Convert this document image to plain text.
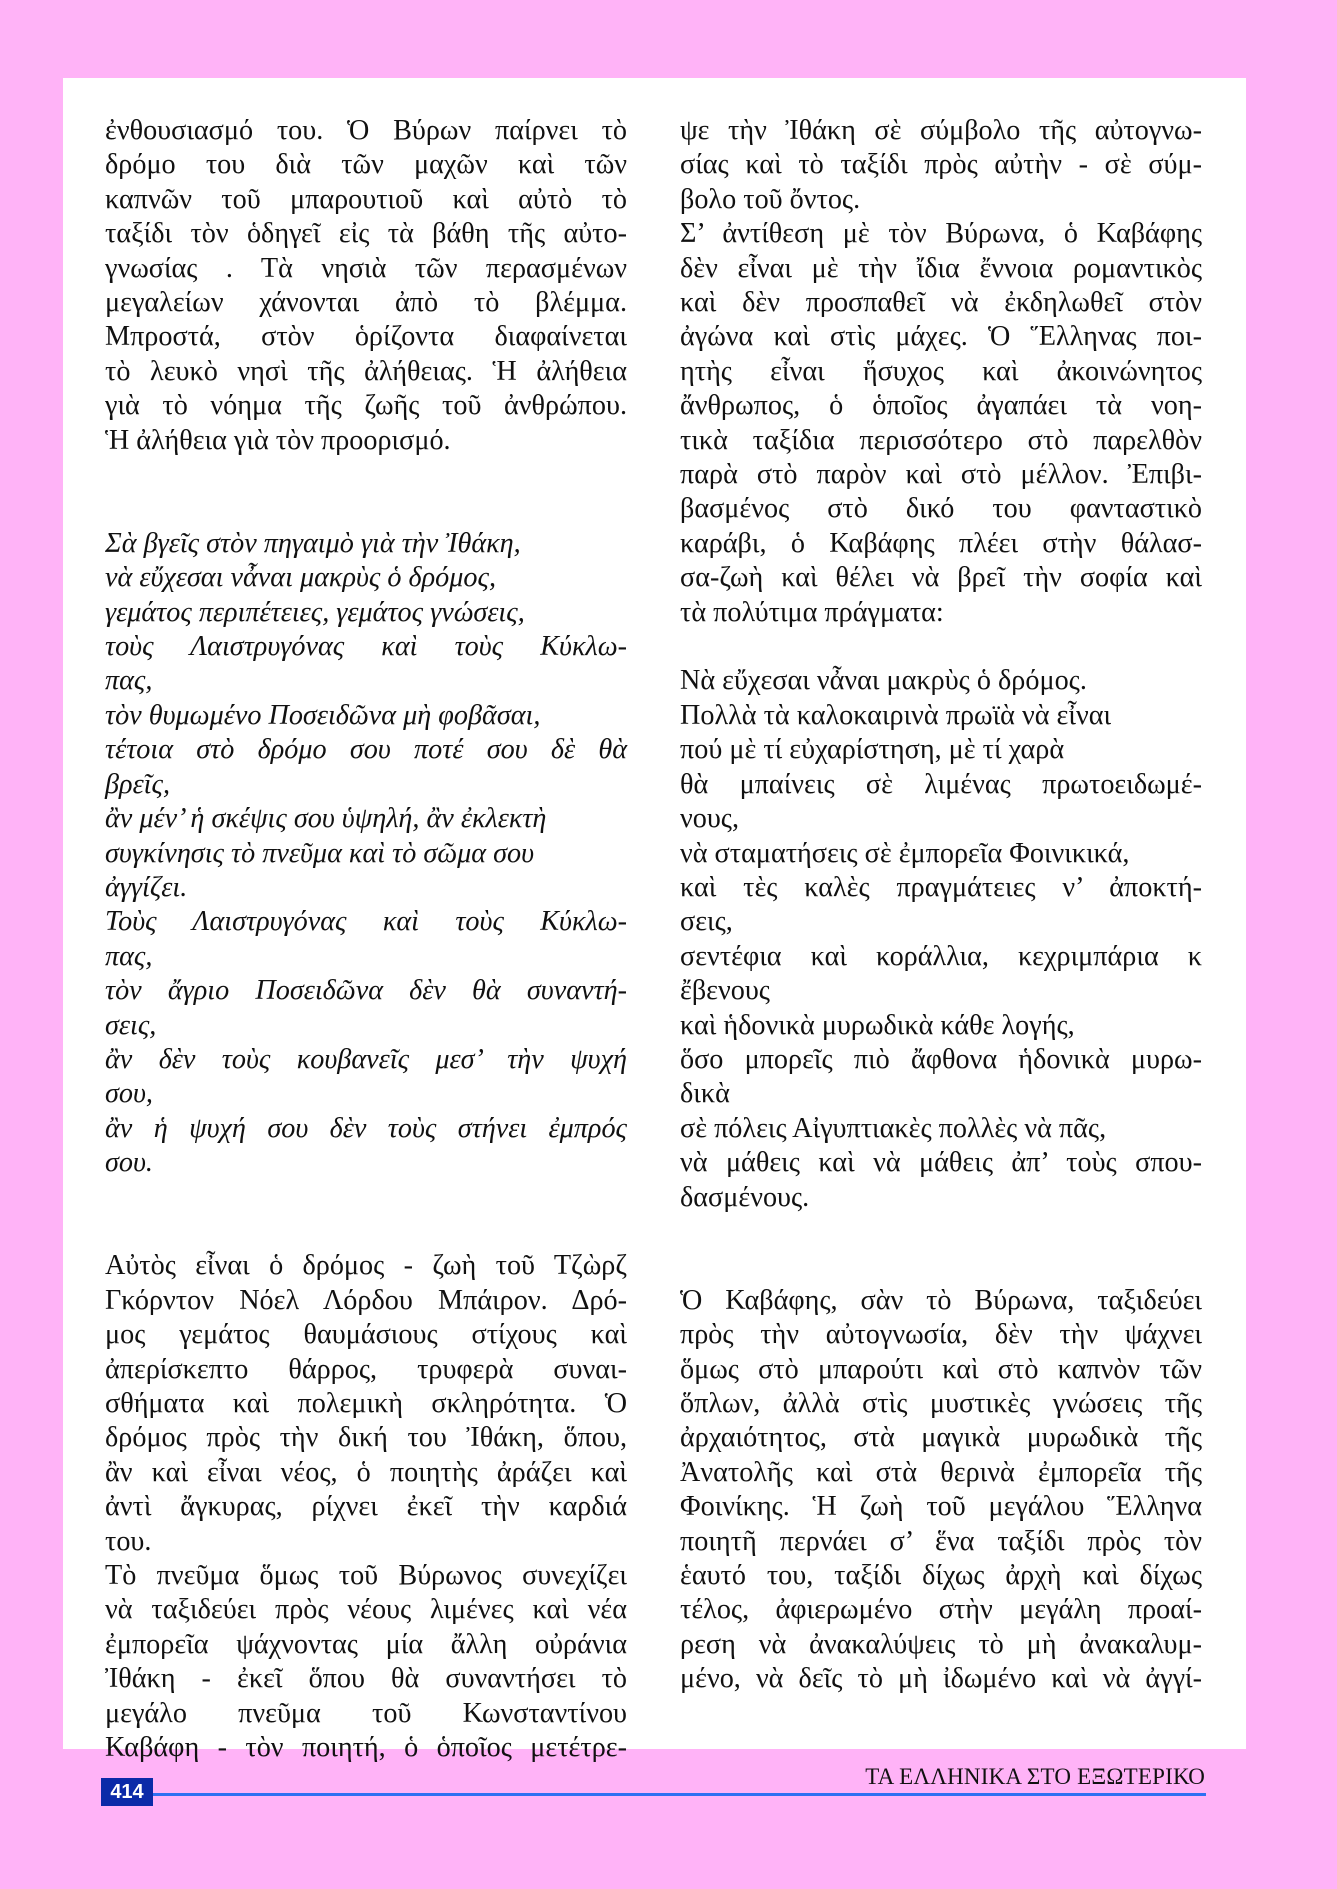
ἐνθουσιασμό του. Ὁ Βύρων παίρνει τὸ
δρόμο του διὰ τῶν μαχῶν καὶ τῶν
καπνῶν τοῦ μπαρουτιοῦ καὶ αὐτὸ τὸ
ταξίδι τὸν ὁδηγεῖ εἰς τὰ βάθη τῆς αὐτο-
γνωσίας . Τὰ νησιὰ τῶν περασμένων
μεγαλείων χάνονται ἀπὸ τὸ βλέμμα.
Μπροστά, στὸν ὁρίζοντα διαφαίνεται
τὸ λευκὸ νησὶ τῆς ἀλήθειας. Ἡ ἀλήθεια
γιὰ τὸ νόημα τῆς ζωῆς τοῦ ἀνθρώπου.
Ἡ ἀλήθεια γιὰ τὸν προορισμό.
Σὰ βγεῖς στὸν πηγαιμὸ γιὰ τὴν Ἰθάκη,
νὰ εὔχεσαι νἆναι μακρὺς ὁ δρόμος,
γεμάτος περιπέτειες, γεμάτος γνώσεις,
τοὺς Λαιστρυγόνας καὶ τοὺς Κύκλω-
πας,
τὸν θυμωμένο Ποσειδῶνα μὴ φοβᾶσαι,
τέτοια στὸ δρόμο σου ποτέ σου δὲ θὰ
βρεῖς,
ἂν μέν’ ἡ σκέψις σου ὑψηλή, ἂν ἐκλεκτὴ
συγκίνησις τὸ πνεῦμα καὶ τὸ σῶμα σου
ἀγγίζει.
Τοὺς Λαιστρυγόνας καὶ τοὺς Κύκλω-
πας,
τὸν ἄγριο Ποσειδῶνα δὲν θὰ συναντή-
σεις,
ἂν δὲν τοὺς κουβανεῖς μεσ’ τὴν ψυχή
σου,
ἂν ἡ ψυχή σου δὲν τοὺς στήνει ἐμπρός
σου.
Αὐτὸς εἶναι ὁ δρόμος - ζωὴ τοῦ Τζὼρζ
Γκόρντον Νόελ Λόρδου Μπάιρον. Δρό-
μος γεμάτος θαυμάσιους στίχους καὶ
ἀπερίσκεπτο θάρρος, τρυφερὰ συναι-
σθήματα καὶ πολεμικὴ σκληρότητα. Ὁ
δρόμος πρὸς τὴν δική του Ἰθάκη, ὅπου,
ἂν καὶ εἶναι νέος, ὁ ποιητὴς ἀράζει καὶ
ἀντὶ ἄγκυρας, ρίχνει ἐκεῖ τὴν καρδιά
του.
Τὸ πνεῦμα ὅμως τοῦ Βύρωνος συνεχίζει
νὰ ταξιδεύει πρὸς νέους λιμένες καὶ νέα
ἐμπορεῖα ψάχνοντας μία ἄλλη οὐράνια
Ἰθάκη - ἐκεῖ ὅπου θὰ συναντήσει τὸ
μεγάλο πνεῦμα τοῦ Κωνσταντίνου
Καβάφη - τὸν ποιητή, ὁ ὁποῖος μετέτρε-
ψε τὴν Ἰθάκη σὲ σύμβολο τῆς αὐτογνω-
σίας καὶ τὸ ταξίδι πρὸς αὐτὴν - σὲ σύμ-
βολο τοῦ ὄντος.
Σ’ ἀντίθεση μὲ τὸν Βύρωνα, ὁ Καβάφης
δὲν εἶναι μὲ τὴν ἴδια ἔννοια ρομαντικὸς
καὶ δὲν προσπαθεῖ νὰ ἐκδηλωθεῖ στὸν
ἀγώνα καὶ στὶς μάχες. Ὁ Ἕλληνας ποι-
ητὴς εἶναι ἥσυχος καὶ ἀκοινώνητος
ἄνθρωπος, ὁ ὁποῖος ἀγαπάει τὰ νοη-
τικὰ ταξίδια περισσότερο στὸ παρελθὸν
παρὰ στὸ παρὸν καὶ στὸ μέλλον. Ἐπιβι-
βασμένος στὸ δικό του φανταστικὸ
καράβι, ὁ Καβάφης πλέει στὴν θάλασ-
σα-ζωὴ καὶ θέλει νὰ βρεῖ τὴν σοφία καὶ
τὰ πολύτιμα πράγματα:
Νὰ εὔχεσαι νἆναι μακρὺς ὁ δρόμος.
Πολλὰ τὰ καλοκαιρινὰ πρωϊὰ νὰ εἶναι
πού μὲ τί εὐχαρίστηση, μὲ τί χαρὰ
θὰ μπαίνεις σὲ λιμένας πρωτοειδωμέ-
νους,
νὰ σταματήσεις σὲ ἐμπορεῖα Φοινικικά,
καὶ τὲς καλὲς πραγμάτειες ν’ ἀποκτή-
σεις,
σεντέφια καὶ κοράλλια, κεχριμπάρια κ
ἔβενους
καὶ ἡδονικὰ μυρωδικὰ κάθε λογής,
ὅσο μπορεῖς πιὸ ἄφθονα ἡδονικὰ μυρω-
δικὰ
σὲ πόλεις Αἰγυπτιακὲς πολλὲς νὰ πᾶς,
νὰ μάθεις καὶ νὰ μάθεις ἀπ’ τοὺς σπου-
δασμένους.
Ὁ Καβάφης, σὰν τὸ Βύρωνα, ταξιδεύει
πρὸς τὴν αὐτογνωσία, δὲν τὴν ψάχνει
ὅμως στὸ μπαρούτι καὶ στὸ καπνὸν τῶν
ὅπλων, ἀλλὰ στὶς μυστικὲς γνώσεις τῆς
ἀρχαιότητος, στὰ μαγικὰ μυρωδικὰ τῆς
Ἀνατολῆς καὶ στὰ θερινὰ ἐμπορεῖα τῆς
Φοινίκης. Ἡ ζωὴ τοῦ μεγάλου Ἕλληνα
ποιητῆ περνάει σ’ ἕνα ταξίδι πρὸς τὸν
ἑαυτό του, ταξίδι δίχως ἀρχὴ καὶ δίχως
τέλος, ἀφιερωμένο στὴν μεγάλη προαί-
ρεση νὰ ἀνακαλύψεις τὸ μὴ ἀνακαλυμ-
μένο, νὰ δεῖς τὸ μὴ ἰδωμένο καὶ νὰ ἀγγί-
414
ΤΑ ΕΛΛΗΝΙΚΑ ΣΤΟ ΕΞΩΤΕΡΙΚΟ
